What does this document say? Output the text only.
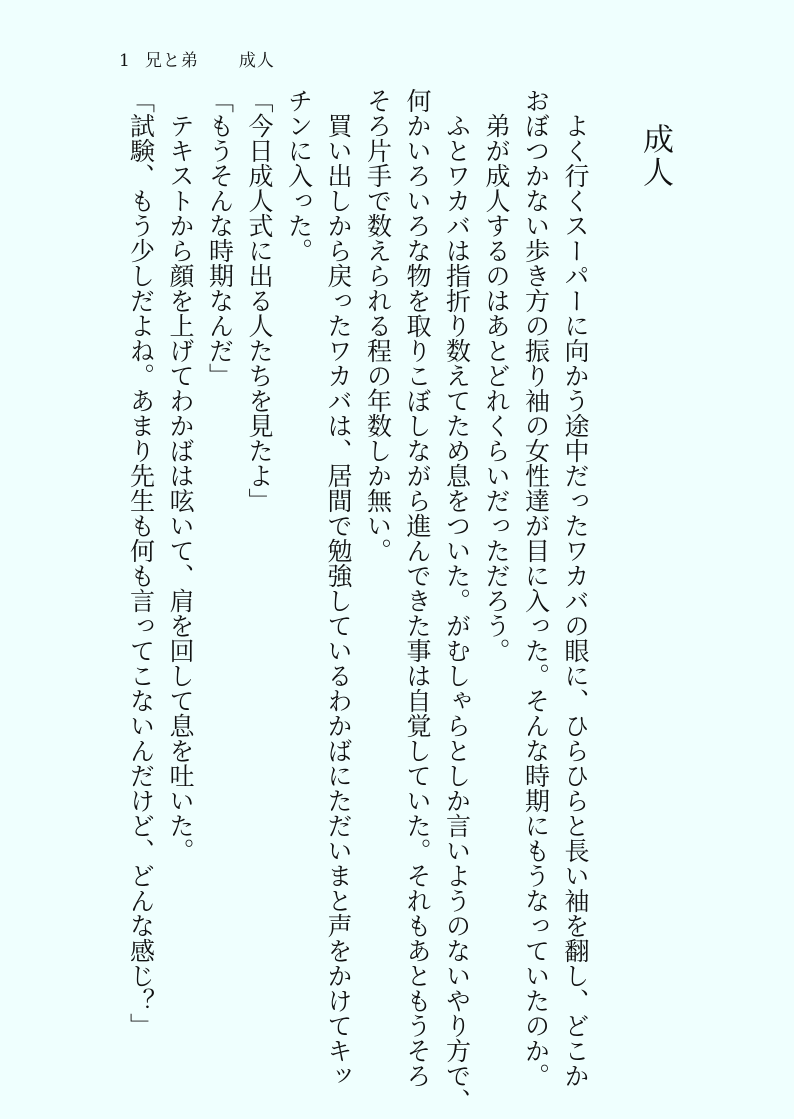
1 兄と弟 成人

成人

よく行くスーパーに向かう途中だったワカバの眼に、ひらひらと長い袖を翻し、どこか

おぼつかない歩き方の振り袖の女性達が目に入った。そんな時期にもうなっていたのか。

弟が成人するのはあとどれくらいだっただろう。

ふとワカバは指折り数えてため息をついた。がむしゃらとしか言いようのないやり方で、

何かいろいろな物を取りこぼしながら進んできた事は自覚していた。それもあともうそろ

そろ片手で数えられる程の年数しか無い。

買い出しから戻ったワカバは、居間で勉強しているわかばにただいまと声をかけてキッ

チンに入った。

「今日成人式に出る人たちを見たよ」

「もうそんな時期なんだ」

テキストから顔を上げてわかばは呟いて、肩を回して息を吐いた。

「試験、もう少しだよね。あまり先生も何も言ってこないんだけど、どんな感じ？」
